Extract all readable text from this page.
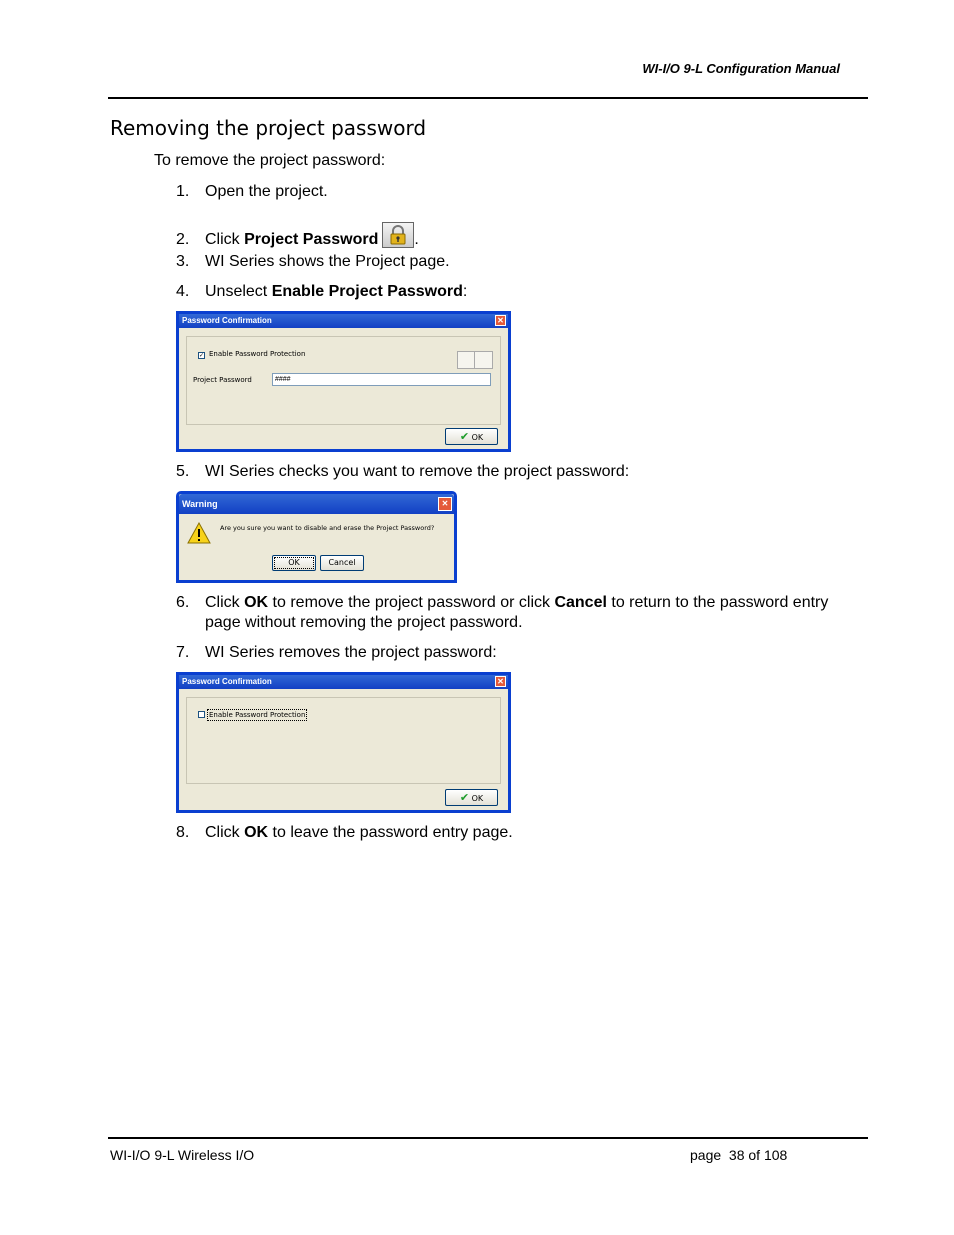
WI-I/O 9-L Configuration Manual
Removing the project password
To remove the project password:
1. Open the project.
2. Click Project Password .
3. WI Series shows the Project page.
4. Unselect Enable Project Password:
Password Confirmation	✕
✓ Enable Password Protection
Project Password	####
✔ OK
5. WI Series checks you want to remove the project password:
Warning	✕
Are you sure you want to disable and erase the Project Password?
OK	Cancel
6. Click OK to remove the project password or click Cancel to return to the password entry page without removing the project password.
7. WI Series removes the project password:
Password Confirmation	✕
Enable Password Protection
✔ OK
8. Click OK to leave the password entry page.
WI-I/O 9-L Wireless I/O	page  38 of 108
